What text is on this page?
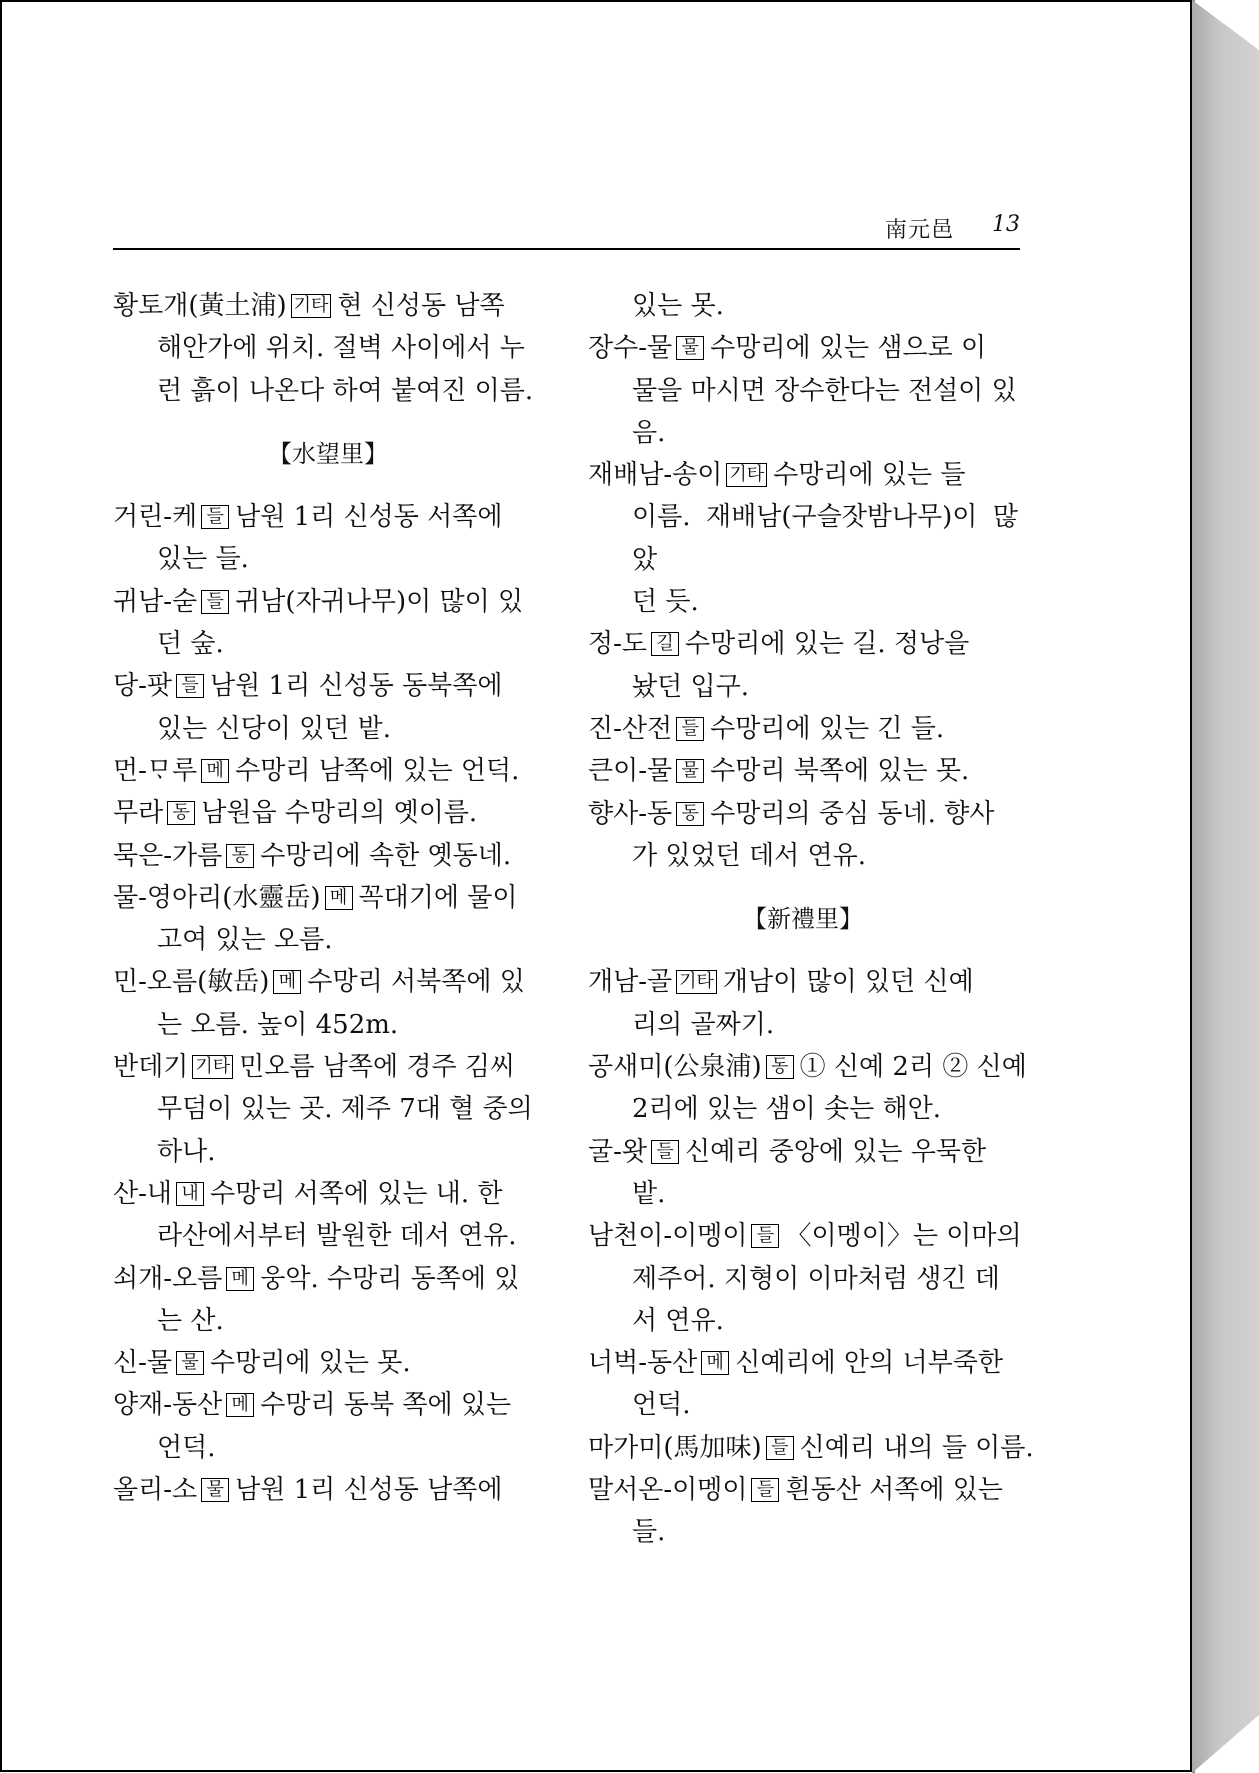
南元邑 13
황토개(黃土浦) 기타 현 신성동 남쪽
해안가에 위치. 절벽 사이에서 누
런 흙이 나온다 하여 붙여진 이름.
【水望里】
거린-케 들 남원 1리 신성동 서쪽에
있는 들.
귀남-숟 들 귀남(자귀나무)이 많이 있
던 숲.
당-팟 들 남원 1리 신성동 동북쪽에
있는 신당이 있던 밭.
먼-ᄆᆞ루 메 수망리 남쪽에 있는 언덕.
무라 동 남원읍 수망리의 옛이름.
묵은-가름 동 수망리에 속한 옛동네.
물-영아리(水靈岳) 메 꼭대기에 물이
고여 있는 오름.
민-오름(敏岳) 메 수망리 서북쪽에 있
는 오름. 높이 452m.
반데기 기타 민오름 남쪽에 경주 김씨
무덤이 있는 곳. 제주 7대 혈 중의
하나.
산-내 내 수망리 서쪽에 있는 내. 한
라산에서부터 발원한 데서 연유.
쇠개-오름 메 웅악. 수망리 동쪽에 있
는 산.
신-물 물 수망리에 있는 못.
양재-동산 메 수망리 동북 쪽에 있는
언덕.
올리-소 물 남원 1리 신성동 남쪽에
있는 못.
장수-물 물 수망리에 있는 샘으로 이
물을 마시면 장수한다는 전설이 있
음.
재배남-송이 기타 수망리에 있는 들
이름. 재배남(구슬잣밤나무)이 많았
던 듯.
정-도 길 수망리에 있는 길. 정낭을
놨던 입구.
진-산전 들 수망리에 있는 긴 들.
큰이-물 물 수망리 북쪽에 있는 못.
향사-동 동 수망리의 중심 동네. 향사
가 있었던 데서 연유.
【新禮里】
개남-골 기타 개남이 많이 있던 신예
리의 골짜기.
공새미(公泉浦) 동 ① 신예 2리 ② 신예
2리에 있는 샘이 솟는 해안.
굴-왓 들 신예리 중앙에 있는 우묵한
밭.
남천이-이멩이 들 〈이멩이〉는 이마의
제주어. 지형이 이마처럼 생긴 데
서 연유.
너벅-동산 메 신예리에 안의 너부죽한
언덕.
마가미(馬加味) 들 신예리 내의 들 이름.
말서온-이멩이 들 흰동산 서쪽에 있는
들.
